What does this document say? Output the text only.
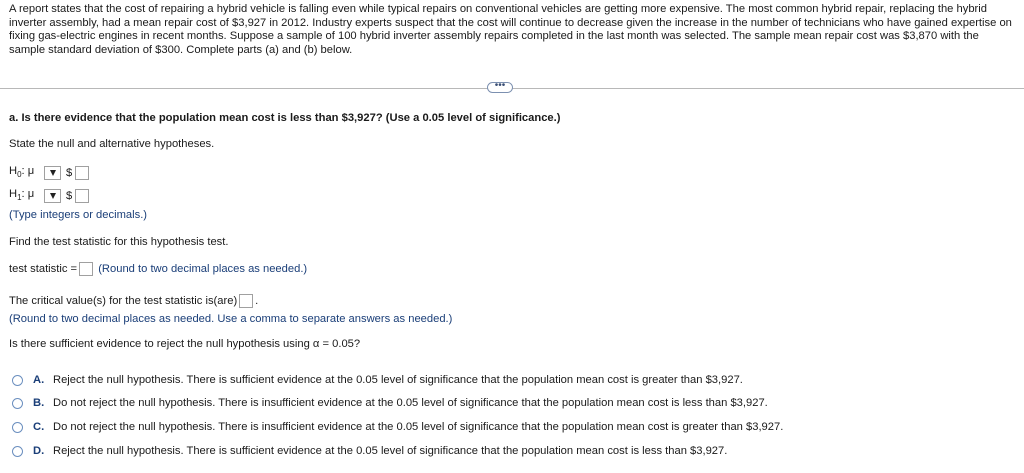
A report states that the cost of repairing a hybrid vehicle is falling even while typical repairs on conventional vehicles are getting more expensive. The most common hybrid repair, replacing the hybrid inverter assembly, had a mean repair cost of $3,927 in 2012. Industry experts suspect that the cost will continue to decrease given the increase in the number of technicians who have gained expertise on fixing gas-electric engines in recent months. Suppose a sample of 100 hybrid inverter assembly repairs completed in the last month was selected. The sample mean repair cost was $3,870 with the sample standard deviation of $300. Complete parts (a) and (b) below.
•••
a. Is there evidence that the population mean cost is less than $3,927? (Use a 0.05 level of significance.)
State the null and alternative hypotheses.
$H_0$: μ	$
$H_1$: μ	$
(Type integers or decimals.)
Find the test statistic for this hypothesis test.
test statistic = (Round to two decimal places as needed.)
The critical value(s) for the test statistic is(are) .
(Round to two decimal places as needed. Use a comma to separate answers as needed.)
Is there sufficient evidence to reject the null hypothesis using α = 0.05?
A. Reject the null hypothesis. There is sufficient evidence at the 0.05 level of significance that the population mean cost is greater than $3,927.
B. Do not reject the null hypothesis. There is insufficient evidence at the 0.05 level of significance that the population mean cost is less than $3,927.
C. Do not reject the null hypothesis. There is insufficient evidence at the 0.05 level of significance that the population mean cost is greater than $3,927.
D. Reject the null hypothesis. There is sufficient evidence at the 0.05 level of significance that the population mean cost is less than $3,927.
